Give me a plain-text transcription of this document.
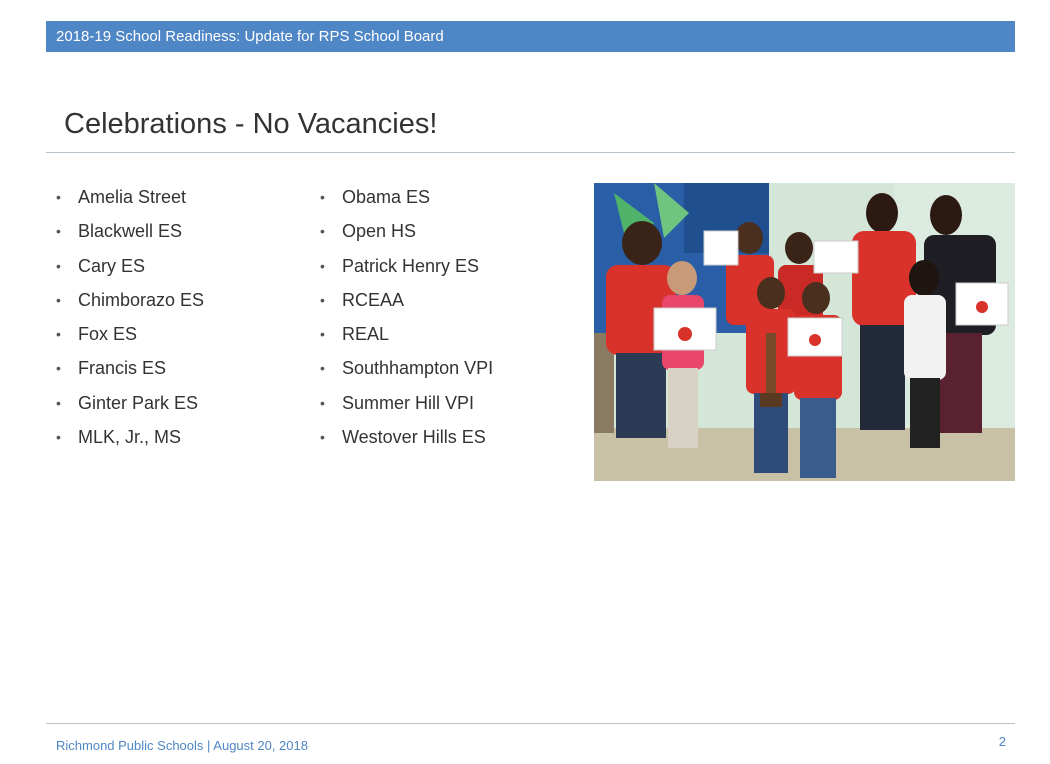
2018-19 School Readiness: Update for RPS School Board
Celebrations - No Vacancies!
• Amelia Street
• Blackwell ES
• Cary ES
• Chimborazo ES
• Fox ES
• Francis ES
• Ginter Park ES
• MLK, Jr., MS
• Obama ES
• Open HS
• Patrick Henry ES
• RCEAA
• REAL
• Southhampton VPI
• Summer Hill VPI
• Westover Hills ES
Richmond Public Schools | August 20, 2018	2
